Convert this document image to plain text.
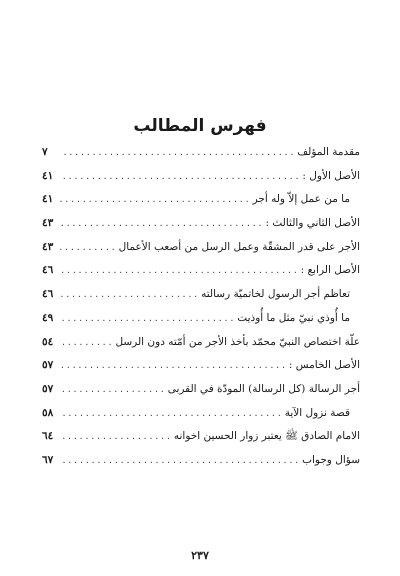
فهرس المطالب
مقدمة المؤلف
.....
٧
الأصل الأول :
.....
٤١
ما من عمل إلاّ وله أجر
.....
٤١
الأصل الثاني والثالث :
.....
٤٣
الأجر على قدر المشقّة وعمل الرسل من أصعب الأعمال
.....
٤٣
الأصل الرابع :
.....
٤٦
تعاظم أجر الرسول لخاتميّة رسالته
.....
٤٦
ما أُوذي نبيّ مثل ما أُوذيت
.....
٤٩
علّة اختصاص النبيّ محمّد بأخذ الأجر من أمّته دون الرسل
.....
٥٤
الأصل الخامس :
.....
٥٧
أجر الرسالة (كل الرسالة) المودّة في القربى
.....
٥٧
قصة نزول الآية
.....
٥٨
الامام الصادق ﷺ يعتبر زوار الحسين اخوانه
.....
٦٤
سؤال وجواب
.....
٦٧
٢٣٧
